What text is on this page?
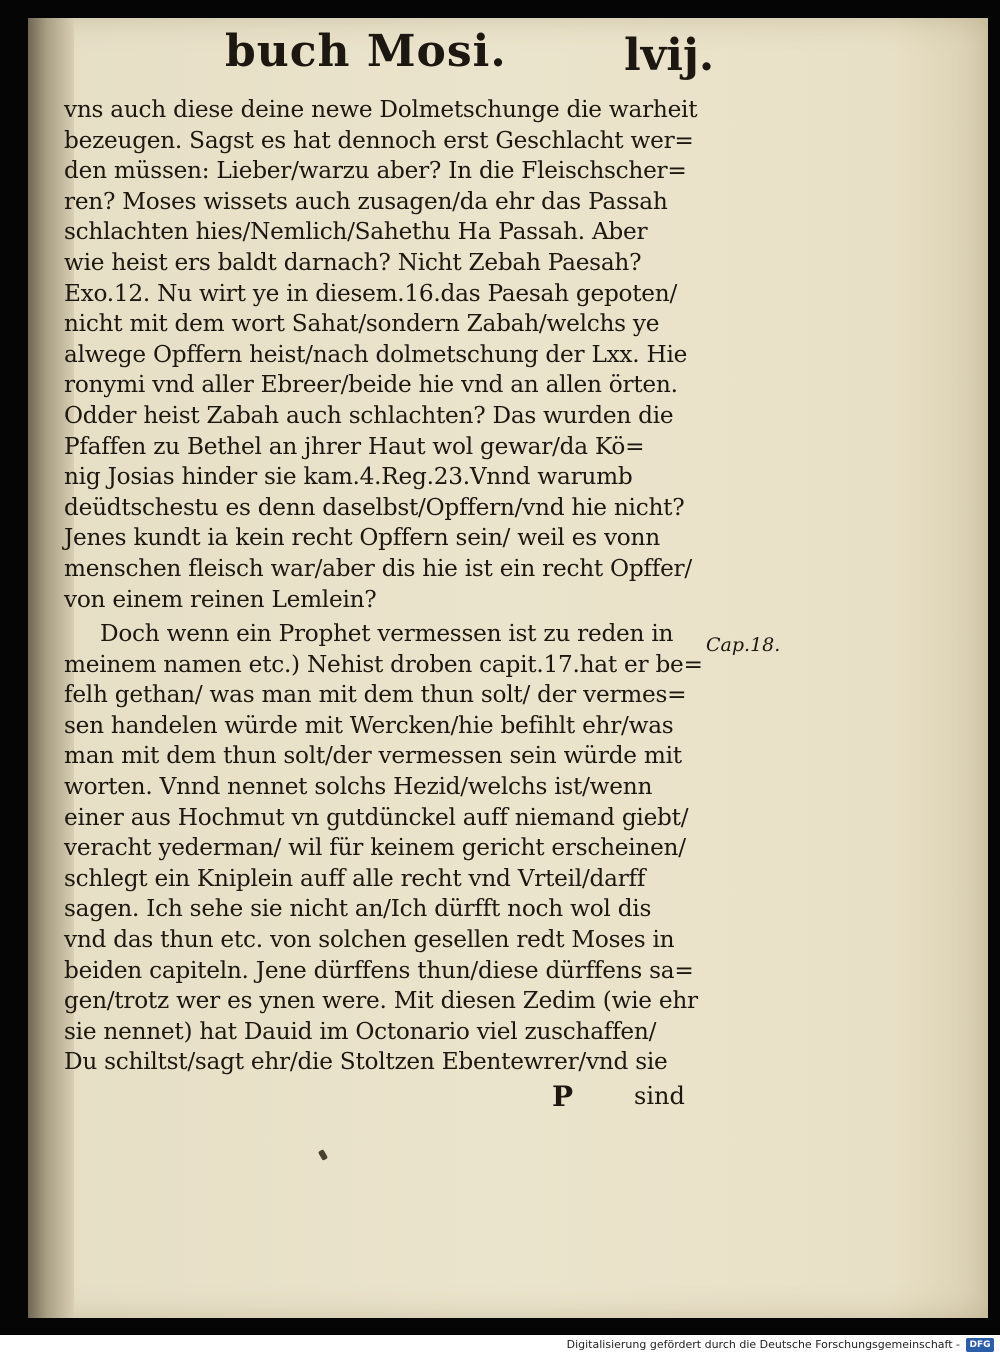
buch Mosi.	lvij.
vns auch diese deine newe Dolmetschunge die warheit
bezeugen. Sagst es hat dennoch erst Geschlacht wer=
den müssen: Lieber/warzu aber? In die Fleischscher=
ren? Moses wissets auch zusagen/da ehr das Passah
schlachten hies/Nemlich/Sahethu Ha Passah. Aber
wie heist ers baldt darnach? Nicht Zebah Paesah?
Exo.12. Nu wirt ye in diesem.16.das Paesah gepoten/
nicht mit dem wort Sahat/sondern Zabah/welchs ye
alwege Opffern heist/nach dolmetschung der Lxx. Hie
ronymi vnd aller Ebreer/beide hie vnd an allen örten.
Odder heist Zabah auch schlachten? Das wurden die
Pfaffen zu Bethel an jhrer Haut wol gewar/da Kö=
nig Josias hinder sie kam.4.Reg.23.Vnnd warumb
deüdtschestu es denn daselbst/Opffern/vnd hie nicht?
Jenes kundt ia kein recht Opffern sein/ weil es vonn
menschen fleisch war/aber dis hie ist ein recht Opffer/
von einem reinen Lemlein?
Doch wenn ein Prophet vermessen ist zu reden in
meinem namen etc.) Nehist droben capit.17.hat er be=
felh gethan/ was man mit dem thun solt/ der vermes=
sen handelen würde mit Wercken/hie befihlt ehr/was
man mit dem thun solt/der vermessen sein würde mit
worten. Vnnd nennet solchs Hezid/welchs ist/wenn
einer aus Hochmut vn gutdünckel auff niemand giebt/
veracht yederman/ wil für keinem gericht erscheinen/
schlegt ein Kniplein auff alle recht vnd Vrteil/darff
sagen. Ich sehe sie nicht an/Ich dürfft noch wol dis
vnd das thun etc. von solchen gesellen redt Moses in
beiden capiteln. Jene dürffens thun/diese dürffens sa=
gen/trotz wer es ynen were. Mit diesen Zedim (wie ehr
sie nennet) hat Dauid im Octonario viel zuschaffen/
Du schiltst/sagt ehr/die Stoltzen Ebentewrer/vnd sie
Cap.18.
P	sind
Digitalisierung gefördert durch die Deutsche Forschungsgemeinschaft -	DFG
